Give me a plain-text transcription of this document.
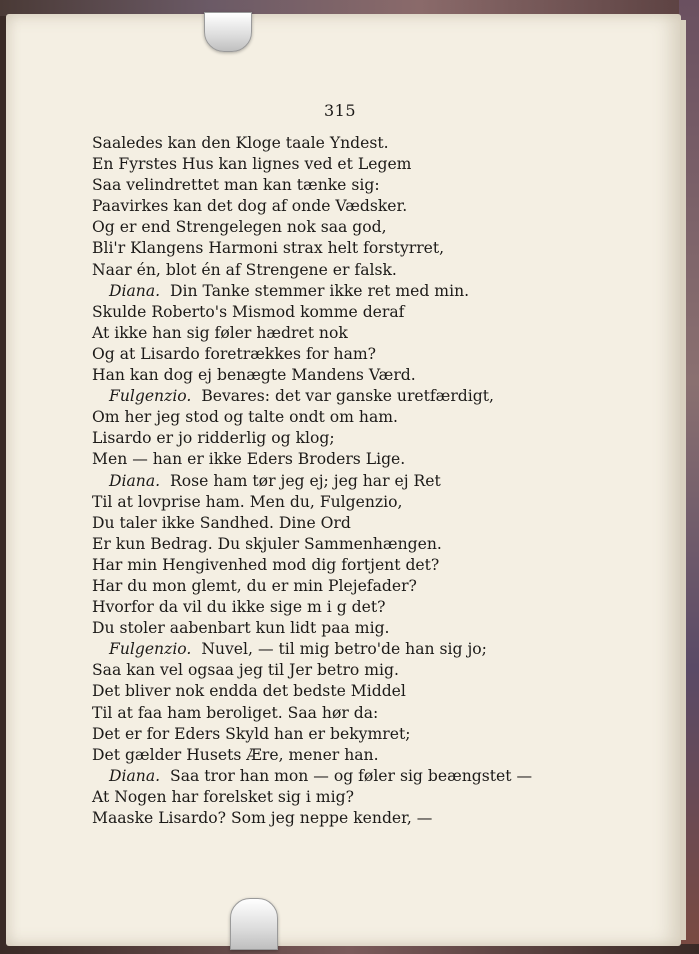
315
Saaledes kan den Kloge taale Yndest.
En Fyrstes Hus kan lignes ved et Legem
Saa velindrettet man kan tænke sig:
Paavirkes kan det dog af onde Vædsker.
Og er end Strengelegen nok saa god,
Bli'r Klangens Harmoni strax helt forstyrret,
Naar én, blot én af Strengene er falsk.
Diana. Din Tanke stemmer ikke ret med min.
Skulde Roberto's Mismod komme deraf
At ikke han sig føler hædret nok
Og at Lisardo foretrækkes for ham?
Han kan dog ej benægte Mandens Værd.
Fulgenzio. Bevares: det var ganske uretfærdigt,
Om her jeg stod og talte ondt om ham.
Lisardo er jo ridderlig og klog;
Men — han er ikke Eders Broders Lige.
Diana. Rose ham tør jeg ej; jeg har ej Ret
Til at lovprise ham. Men du, Fulgenzio,
Du taler ikke Sandhed. Dine Ord
Er kun Bedrag. Du skjuler Sammenhængen.
Har min Hengivenhed mod dig fortjent det?
Har du mon glemt, du er min Plejefader?
Hvorfor da vil du ikke sige m i g det?
Du stoler aabenbart kun lidt paa mig.
Fulgenzio. Nuvel, — til mig betro'de han sig jo;
Saa kan vel ogsaa jeg til Jer betro mig.
Det bliver nok endda det bedste Middel
Til at faa ham beroliget. Saa hør da:
Det er for Eders Skyld han er bekymret;
Det gælder Husets Ære, mener han.
Diana. Saa tror han mon — og føler sig beængstet —
At Nogen har forelsket sig i mig?
Maaske Lisardo? Som jeg neppe kender, —
